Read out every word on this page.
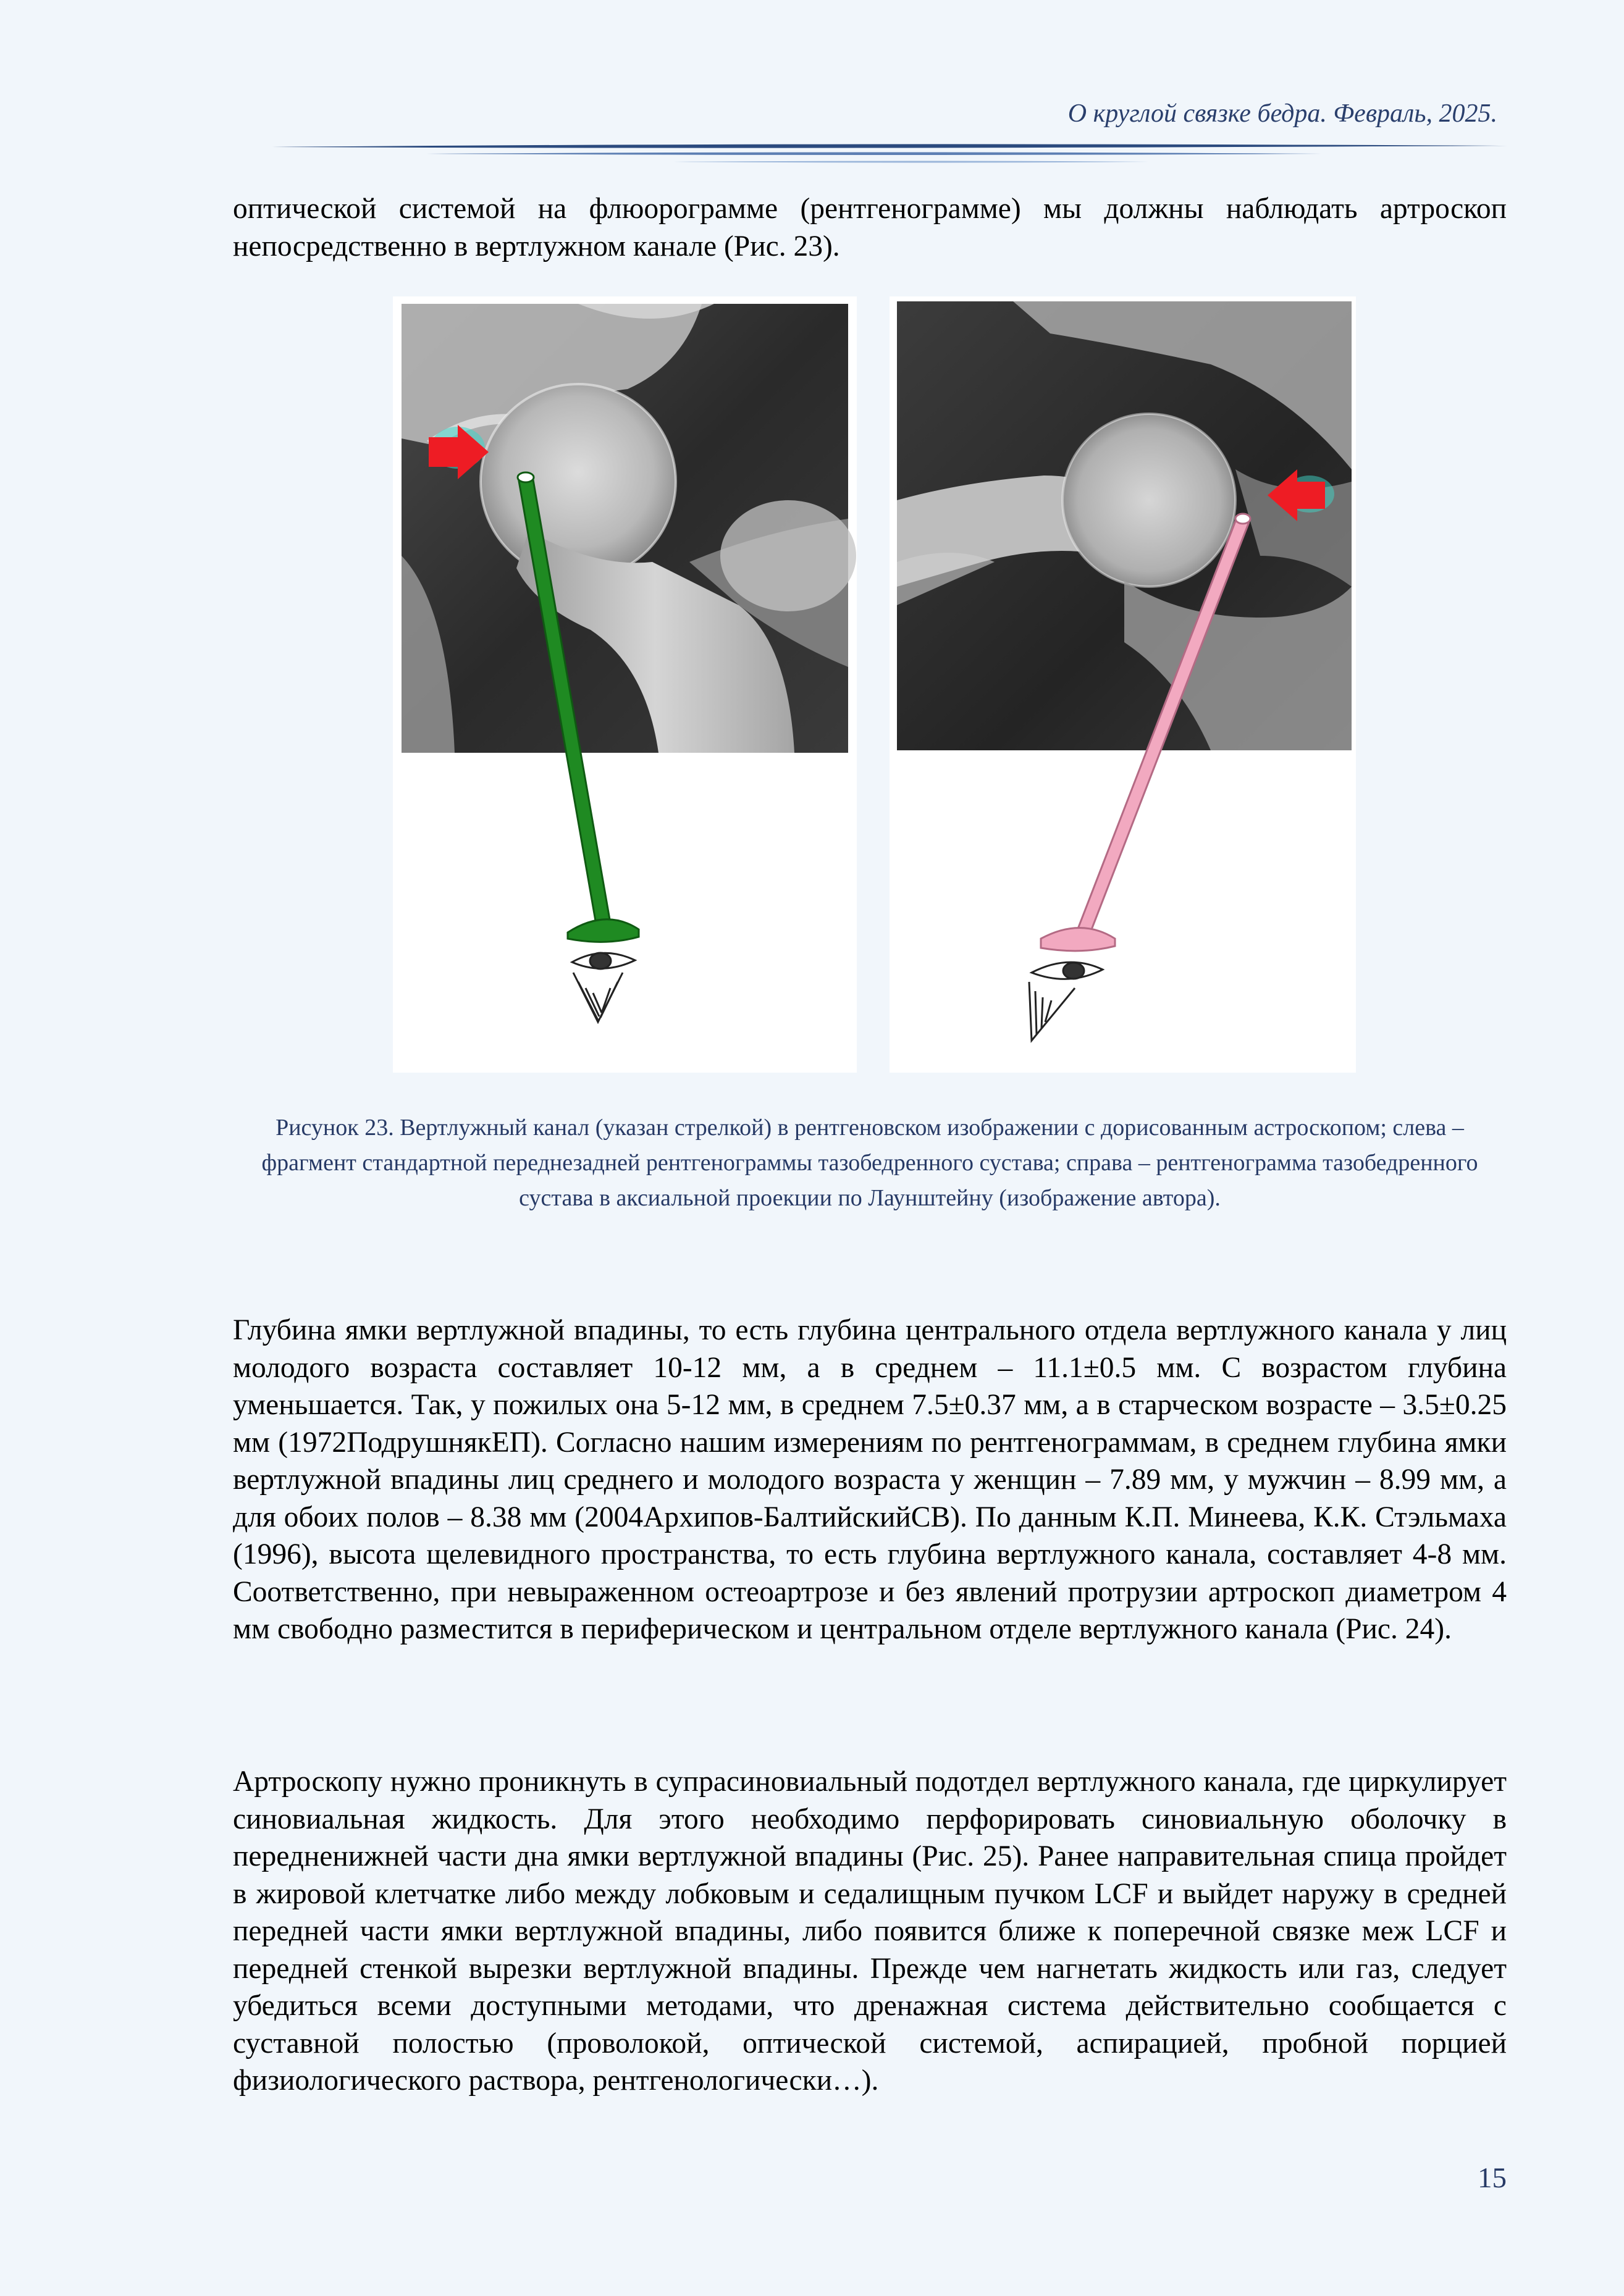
О круглой связке бедра. Февраль, 2025.

оптической системой на флюорограмме (рентгенограмме) мы должны наблюдать артроскоп непосредственно в вертлужном канале (Рис. 23).

Рисунок 23. Вертлужный канал (указан стрелкой) в рентгеновском изображении с дорисованным астроскопом; слева – фрагмент стандартной переднезадней рентгенограммы тазобедренного сустава; справа – рентгенограмма тазобедренного сустава в аксиальной проекции по Лаунштейну (изображение автора).

Глубина ямки вертлужной впадины, то есть глубина центрального отдела вертлужного канала у лиц молодого возраста составляет 10-12 мм, а в среднем – 11.1±0.5 мм. С возрастом глубина уменьшается. Так, у пожилых она 5-12 мм, в среднем 7.5±0.37 мм, а в старческом возрасте – 3.5±0.25 мм (1972ПодрушнякЕП). Согласно нашим измерениям по рентгенограммам, в среднем глубина ямки вертлужной впадины лиц среднего и молодого возраста у женщин – 7.89 мм, у мужчин – 8.99 мм, а для обоих полов – 8.38 мм (2004Архипов-БалтийскийСВ). По данным К.П. Минеева, К.К. Стэльмаха (1996), высота щелевидного пространства, то есть глубина вертлужного канала, составляет 4-8 мм. Соответственно, при невыраженном остеоартрозе и без явлений протрузии артроскоп диаметром 4 мм свободно разместится в периферическом и центральном отделе вертлужного канала (Рис. 24).

Артроскопу нужно проникнуть в супрасиновиальный подотдел вертлужного канала, где циркулирует синовиальная жидкость. Для этого необходимо перфорировать синовиальную оболочку в передненижней части дна ямки вертлужной впадины (Рис. 25). Ранее направительная спица пройдет в жировой клетчатке либо между лобковым и седалищным пучком LCF и выйдет наружу в средней передней части ямки вертлужной впадины, либо появится ближе к поперечной связке меж LCF и передней стенкой вырезки вертлужной впадины. Прежде чем нагнетать жидкость или газ, следует убедиться всеми доступными методами, что дренажная система действительно сообщается с суставной полостью (проволокой, оптической системой, аспирацией, пробной порцией физиологического раствора, рентгенологически…).

15
